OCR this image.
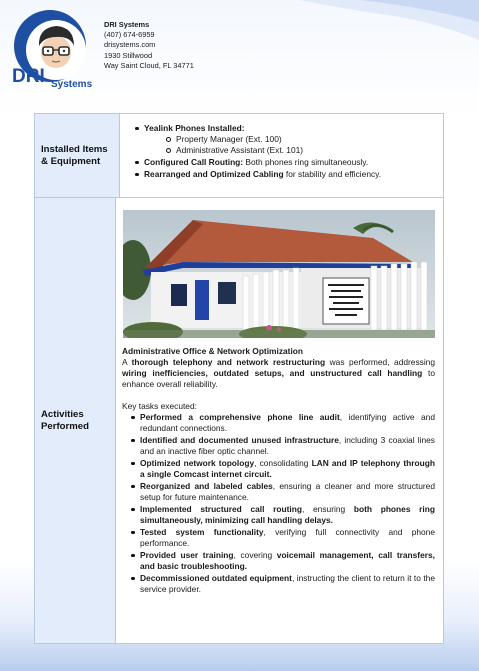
DRI Systems
DRI Systems
(407) 674-6959
drisystems.com
1930 Stillwood
Way Saint Cloud, FL 34771
Installed Items & Equipment
Yealink Phones Installed:
Property Manager (Ext. 100)
Administrative Assistant (Ext. 101)
Configured Call Routing: Both phones ring simultaneously.
Rearranged and Optimized Cabling for stability and efficiency.
Activities Performed
Administrative Office & Network Optimization

A thorough telephony and network restructuring was performed, addressing wiring inefficiencies, outdated setups, and unstructured call handling to enhance overall reliability.

Key tasks executed:
Performed a comprehensive phone line audit, identifying active and redundant connections.
Identified and documented unused infrastructure, including 3 coaxial lines and an inactive fiber optic channel.
Optimized network topology, consolidating LAN and IP telephony through a single Comcast internet circuit.
Reorganized and labeled cables, ensuring a cleaner and more structured setup for future maintenance.
Implemented structured call routing, ensuring both phones ring simultaneously, minimizing call handling delays.
Tested system functionality, verifying full connectivity and phone performance.
Provided user training, covering voicemail management, call transfers, and basic troubleshooting.
Decommissioned outdated equipment, instructing the client to return it to the service provider.
